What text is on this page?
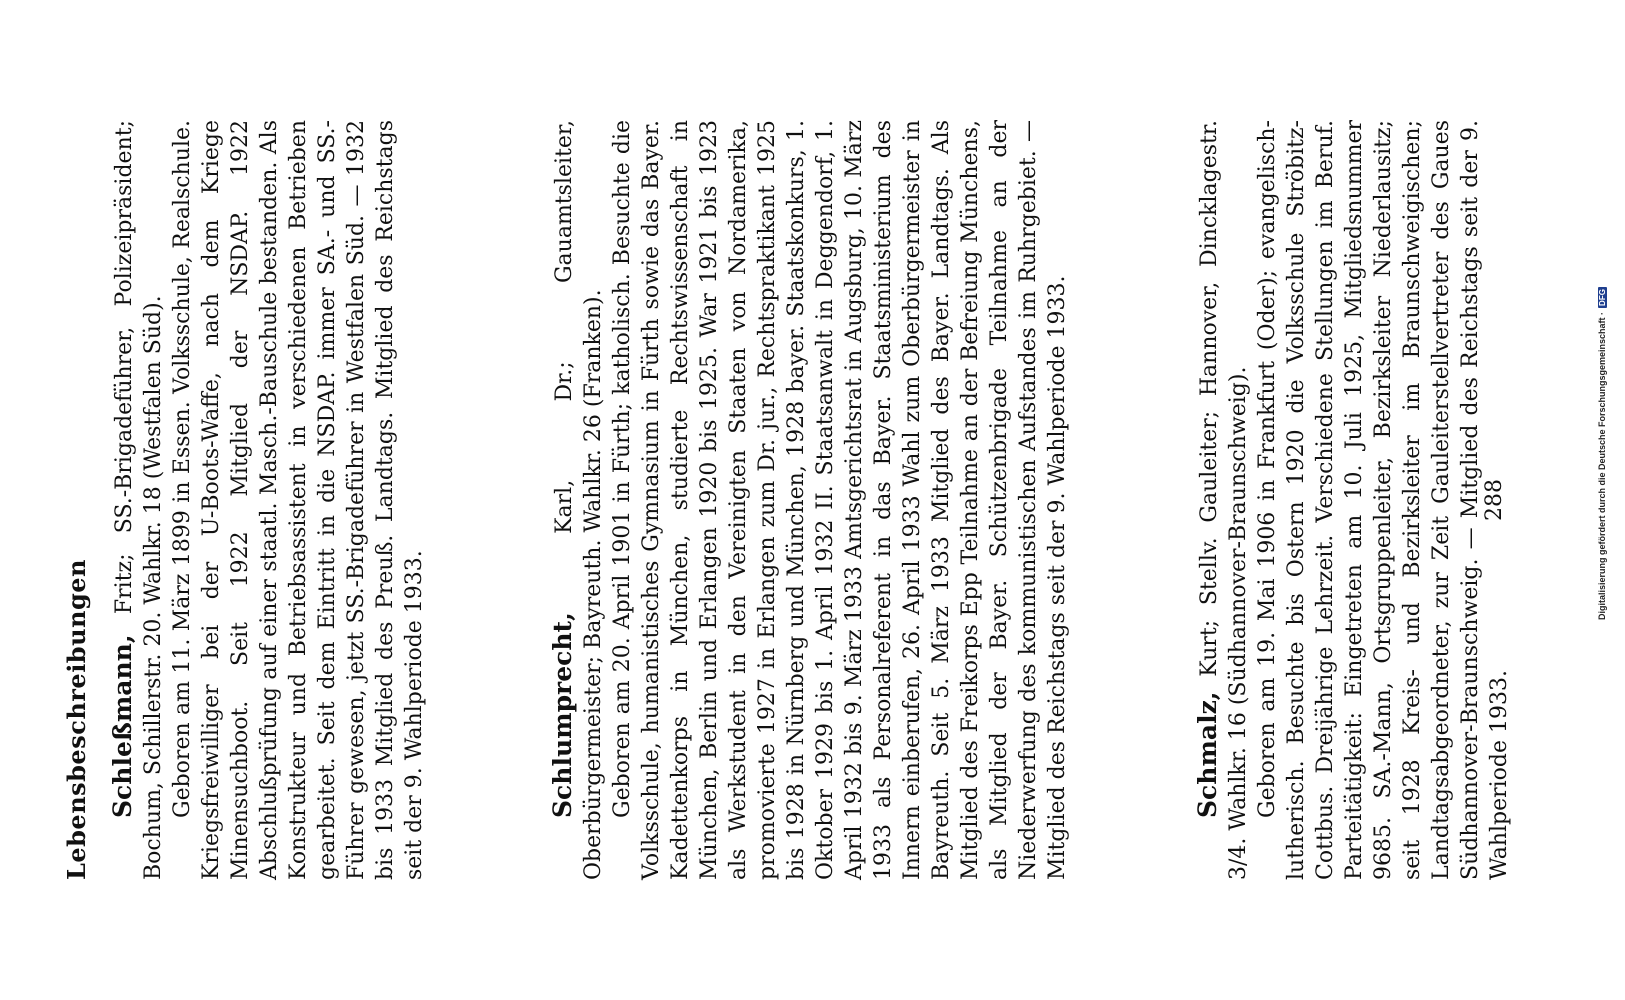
Lebensbeschreibungen Schleßmann, Fritz; SS.-Brigadeführer, Polizeipräsident; Bochum, Schillerstr. 20. Wahlkr. 18 (Westfalen Süd). Geboren am 11. März 1899 in Essen. Volksschule, Realschule. Kriegsfreiwilliger bei der U-Boots-Waffe, nach dem Kriege Minensuchboot. Seit 1922 Mitglied der NSDAP. 1922 Abschlußprüfung auf einer staatl. Masch.-Bauschule bestanden. Als Konstrukteur und Betriebsassistent in verschiedenen Betrieben gearbeitet. Seit dem Eintritt in die NSDAP. immer SA.- und SS.-Führer gewesen, jetzt SS.-Brigadeführer in Westfalen Süd. — 1932 bis 1933 Mitglied des Preuß. Landtags. Mitglied des Reichstags seit der 9. Wahlperiode 1933.	Schlumprecht, Karl, Dr.; Gauamtsleiter, Oberbürgermeister; Bayreuth. Wahlkr. 26 (Franken). Geboren am 20. April 1901 in Fürth; katholisch. Besuchte die Volksschule, humanistisches Gymnasium in Fürth sowie das Bayer. Kadettenkorps in München, studierte Rechtswissenschaft in München, Berlin und Erlangen 1920 bis 1925. War 1921 bis 1923 als Werkstudent in den Vereinigten Staaten von Nordamerika, promovierte 1927 in Erlangen zum Dr. jur., Rechtspraktikant 1925 bis 1928 in Nürnberg und München, 1928 bayer. Staatskonkurs, 1. Oktober 1929 bis 1. April 1932 II. Staatsanwalt in Deggendorf, 1. April 1932 bis 9. März 1933 Amtsgerichtsrat in Augsburg, 10. März 1933 als Personalreferent in das Bayer. Staatsministerium des Innern einberufen, 26. April 1933 Wahl zum Oberbürgermeister in Bayreuth. Seit 5. März 1933 Mitglied des Bayer. Landtags. Als Mitglied des Freikorps Epp Teilnahme an der Befreiung Münchens, als Mitglied der Bayer. Schützenbrigade Teilnahme an der Niederwerfung des kommunistischen Aufstandes im Ruhrgebiet. — Mitglied des Reichstags seit der 9. Wahlperiode 1933.	Schmalz, Kurt; Stellv. Gauleiter; Hannover, Dincklagestr. 3/4. Wahlkr. 16 (Südhannover-Braunschweig). Geboren am 19. Mai 1906 in Frankfurt (Oder); evangelisch-lutherisch. Besuchte bis Ostern 1920 die Volksschule Ströbitz-Cottbus. Dreijährige Lehrzeit. Verschiedene Stellungen im Beruf. Parteitätigkeit: Eingetreten am 10. Juli 1925, Mitgliedsnummer 9685. SA.-Mann, Ortsgruppenleiter, Bezirksleiter Niederlausitz; seit 1928 Kreis- und Bezirksleiter im Braunschweigischen; Landtagsabgeordneter, zur Zeit Gauleiterstellvertreter des Gaues Südhannover-Braunschweig. — Mitglied des Reichstags seit der 9. Wahlperiode 1933.

288	Digitalisierung gefördert durch die Deutsche Forschungsgemeinschaft ·DFG
